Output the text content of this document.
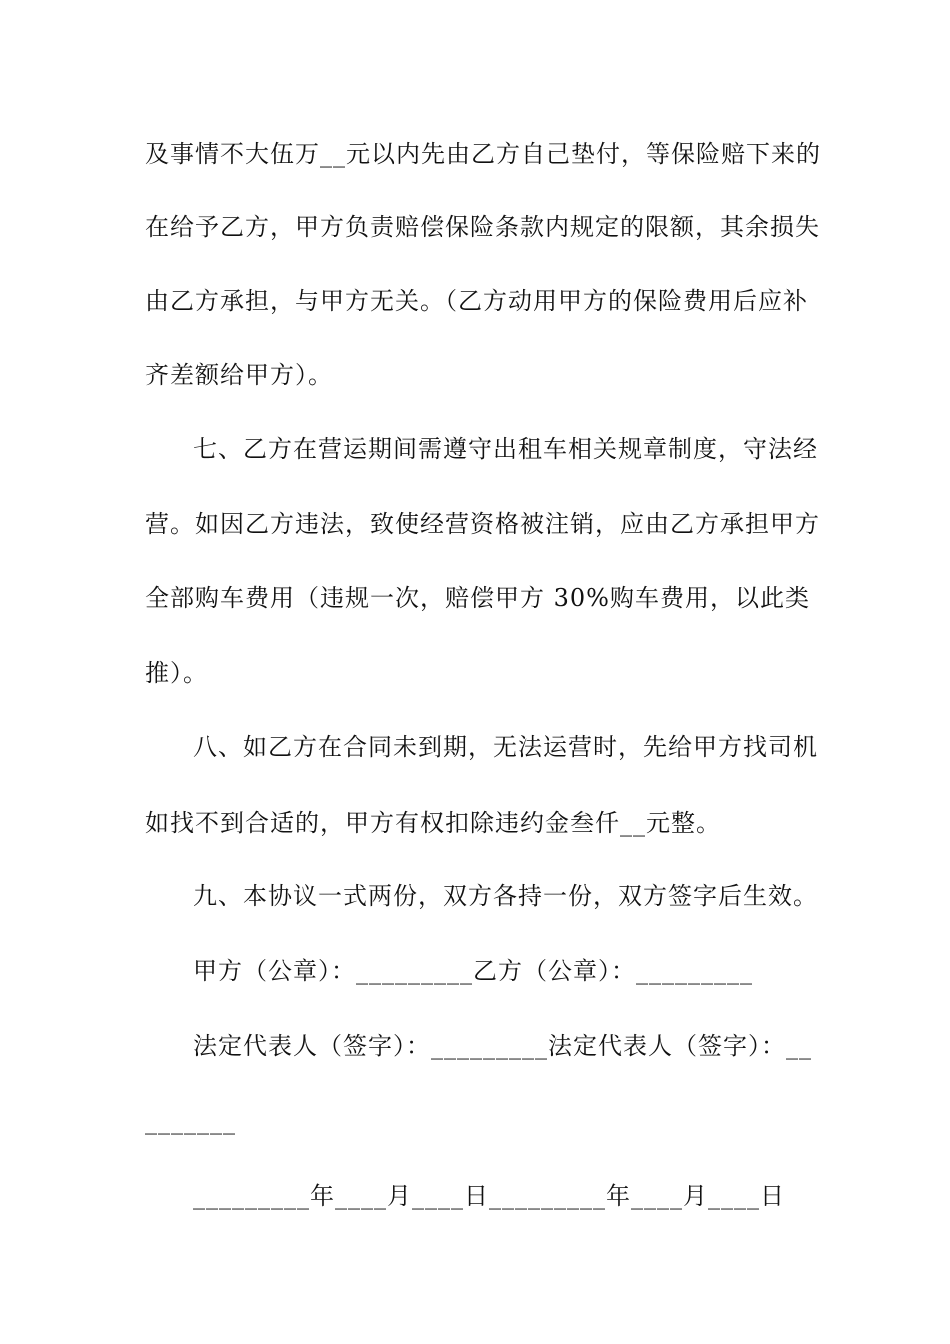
及事情不大伍万__元以内先由乙方自己垫付，等保险赔下来的
在给予乙方，甲方负责赔偿保险条款内规定的限额，其余损失
由乙方承担，与甲方无关。（乙方动用甲方的保险费用后应补
齐差额给甲方）。
七、乙方在营运期间需遵守出租车相关规章制度，守法经
营。如因乙方违法，致使经营资格被注销，应由乙方承担甲方
全部购车费用（违规一次，赔偿甲方 30%购车费用，以此类
推）。
八、如乙方在合同未到期，无法运营时，先给甲方找司机
如找不到合适的，甲方有权扣除违约金叁仟__元整。
九、本协议一式两份，双方各持一份，双方签字后生效。
甲方（公章）：_________乙方（公章）：_________
法定代表人（签字）：_________法定代表人（签字）：__
_______
_________年____月____日_________年____月____日
